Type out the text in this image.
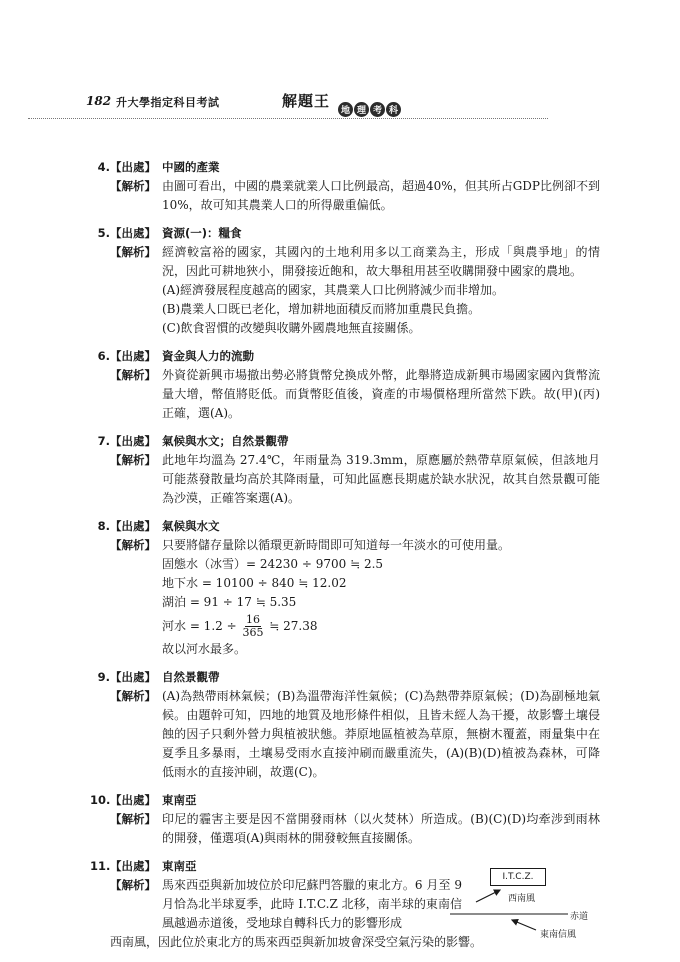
182 升大學指定科目考試	解題王
地 理 考 科
4. 【出處】 中國的產業
【解析】 由圖可看出，中國的農業就業人口比例最高，超過40%，但其所占GDP比例卻不到10%，故可知其農業人口的所得嚴重偏低。

5. 【出處】 資源(一)：糧食
【解析】 經濟較富裕的國家，其國內的土地利用多以工商業為主，形成「與農爭地」的情況，因此可耕地狹小，開發接近飽和，故大舉租用甚至收購開發中國家的農地。

(A)經濟發展程度越高的國家，其農業人口比例將減少而非增加。

(B)農業人口既已老化，增加耕地面積反而將加重農民負擔。

(C)飲食習慣的改變與收購外國農地無直接關係。

6. 【出處】 資金與人力的流動
【解析】 外資從新興市場撤出勢必將貨幣兌換成外幣，此舉將造成新興市場國家國內貨幣流量大增，幣值將貶低。而貨幣貶值後，資產的市場價格理所當然下跌。故(甲)(丙)正確，選(A)。

7. 【出處】 氣候與水文；自然景觀帶
【解析】 此地年均溫為 27.4℃，年雨量為 319.3mm，原應屬於熱帶草原氣候，但該地月可能蒸發散量均高於其降雨量，可知此區應長期處於缺水狀況，故其自然景觀可能為沙漠，正確答案選(A)。

8. 【出處】 氣候與水文
【解析】 只要將儲存量除以循環更新時間即可知道每一年淡水的可使用量。

固態水（冰雪）= 24230 ÷ 9700 ≒ 2.5

地下水 = 10100 ÷ 840 ≒ 12.02

湖泊 = 91 ÷ 17 ≒ 5.35

河水 = $1.2 \div \frac{16}{365}$ ≒ 27.38

故以河水最多。

9. 【出處】 自然景觀帶
【解析】 (A)為熱帶雨林氣候；(B)為溫帶海洋性氣候；(C)為熱帶莽原氣候；(D)為副極地氣候。由題幹可知，四地的地質及地形條件相似，且皆未經人為干擾，故影響土壤侵蝕的因子只剩外營力與植被狀態。莽原地區植被為草原，無樹木覆蓋，雨量集中在夏季且多暴雨，土壤易受雨水直接沖刷而嚴重流失，(A)(B)(D)植被為森林，可降低雨水的直接沖刷，故選(C)。

10. 【出處】 東南亞
【解析】 印尼的霾害主要是因不當開發雨林（以火焚林）所造成。(B)(C)(D)均牽涉到雨林的開發，僅選項(A)與雨林的開發較無直接關係。

11. 【出處】 東南亞
【解析】 馬來西亞與新加坡位於印尼蘇門答臘的東北方。6 月至 9 月恰為北半球夏季，此時 I.T.C.Z 北移，南半球的東南信風越過赤道後，受地球自轉科氏力的影響形成

西南風，因此位於東北方的馬來西亞與新加坡會深受空氣污染的影響。

I.T.C.Z.
西南風
赤道
東南信風
